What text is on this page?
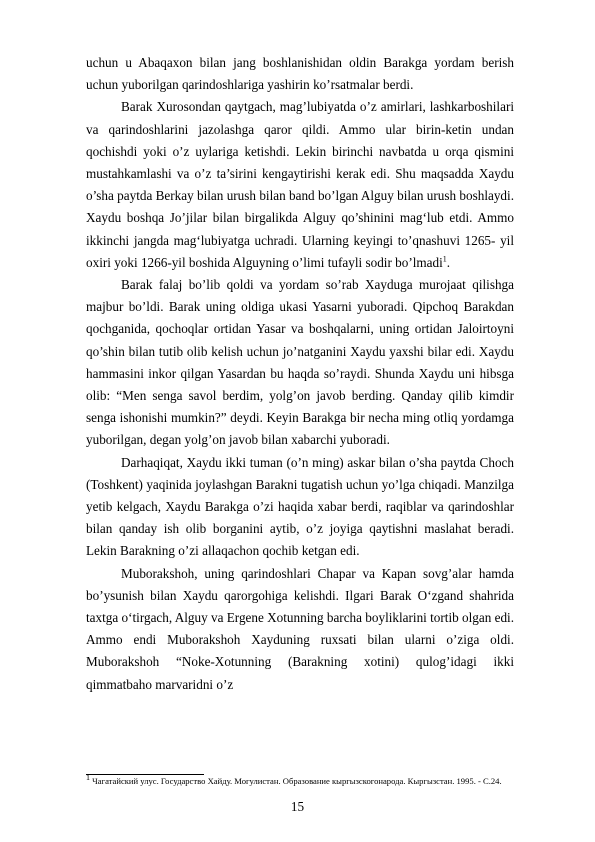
uchun u Abaqaxon bilan jang boshlanishidan oldin Barakga yordam berish uchun yuborilgan qarindoshlariga yashirin ko’rsatmalar berdi.

Barak Xurosondan qaytgach, mag’lubiyatda o’z amirlari, lashkarboshilari va qarindoshlarini jazolashga qaror qildi. Ammo ular birin-ketin undan qochishdi yoki o’z uylariga ketishdi. Lekin birinchi navbatda u orqa qismini mustahkamlashi va o’z ta’sirini kengaytirishi kerak edi. Shu maqsadda Xaydu o’sha paytda Berkay bilan urush bilan band bo’lgan Alguy bilan urush boshlaydi. Xaydu boshqa Jo’jilar bilan birgalikda Alguy qo’shinini mag‘lub etdi. Ammo ikkinchi jangda mag‘lubiyatga uchradi. Ularning keyingi to’qnashuvi 1265- yil oxiri yoki 1266-yil boshida Alguyning o’limi tufayli sodir bo’lmadi$^1$.

Barak falaj bo’lib qoldi va yordam so’rab Xayduga murojaat qilishga majbur bo’ldi. Barak uning oldiga ukasi Yasarni yuboradi. Qipchoq Barakdan qochganida, qochoqlar ortidan Yasar va boshqalarni, uning ortidan Jaloirtoyni qo’shin bilan tutib olib kelish uchun jo’natganini Xaydu yaxshi bilar edi. Xaydu hammasini inkor qilgan Yasardan bu haqda so’raydi. Shunda Xaydu uni hibsga olib: “Men senga savol berdim, yolg’on javob berding. Qanday qilib kimdir senga ishonishi mumkin?” deydi. Keyin Barakga bir necha ming otliq yordamga yuborilgan, degan yolg’on javob bilan xabarchi yuboradi.

Darhaqiqat, Xaydu ikki tuman (o’n ming) askar bilan o’sha paytda Choch (Toshkent) yaqinida joylashgan Barakni tugatish uchun yo’lga chiqadi. Manzilga yetib kelgach, Xaydu Barakga o’zi haqida xabar berdi, raqiblar va qarindoshlar bilan qanday ish olib borganini aytib, o’z joyiga qaytishni maslahat beradi. Lekin Barakning o’zi allaqachon qochib ketgan edi.

Muborakshoh, uning qarindoshlari Chapar va Kapan sovg’alar hamda bo’ysunish bilan Xaydu qarorgohiga kelishdi. Ilgari Barak O‘zgand shahrida taxtga o‘tirgach, Alguy va Ergene Xotunning barcha boyliklarini tortib olgan edi. Ammo endi Muborakshoh Xayduning ruxsati bilan ularni o’ziga oldi. Muborakshoh “Noke-Xotunning (Barakning xotini) qulog’idagi ikki qimmatbaho marvaridni o’z

$^1$ Чагатайский улус. Государство Хайду. Могулистан. Образование кыргызскогонарода. Кыргызстан. 1995. - С.24.
15
